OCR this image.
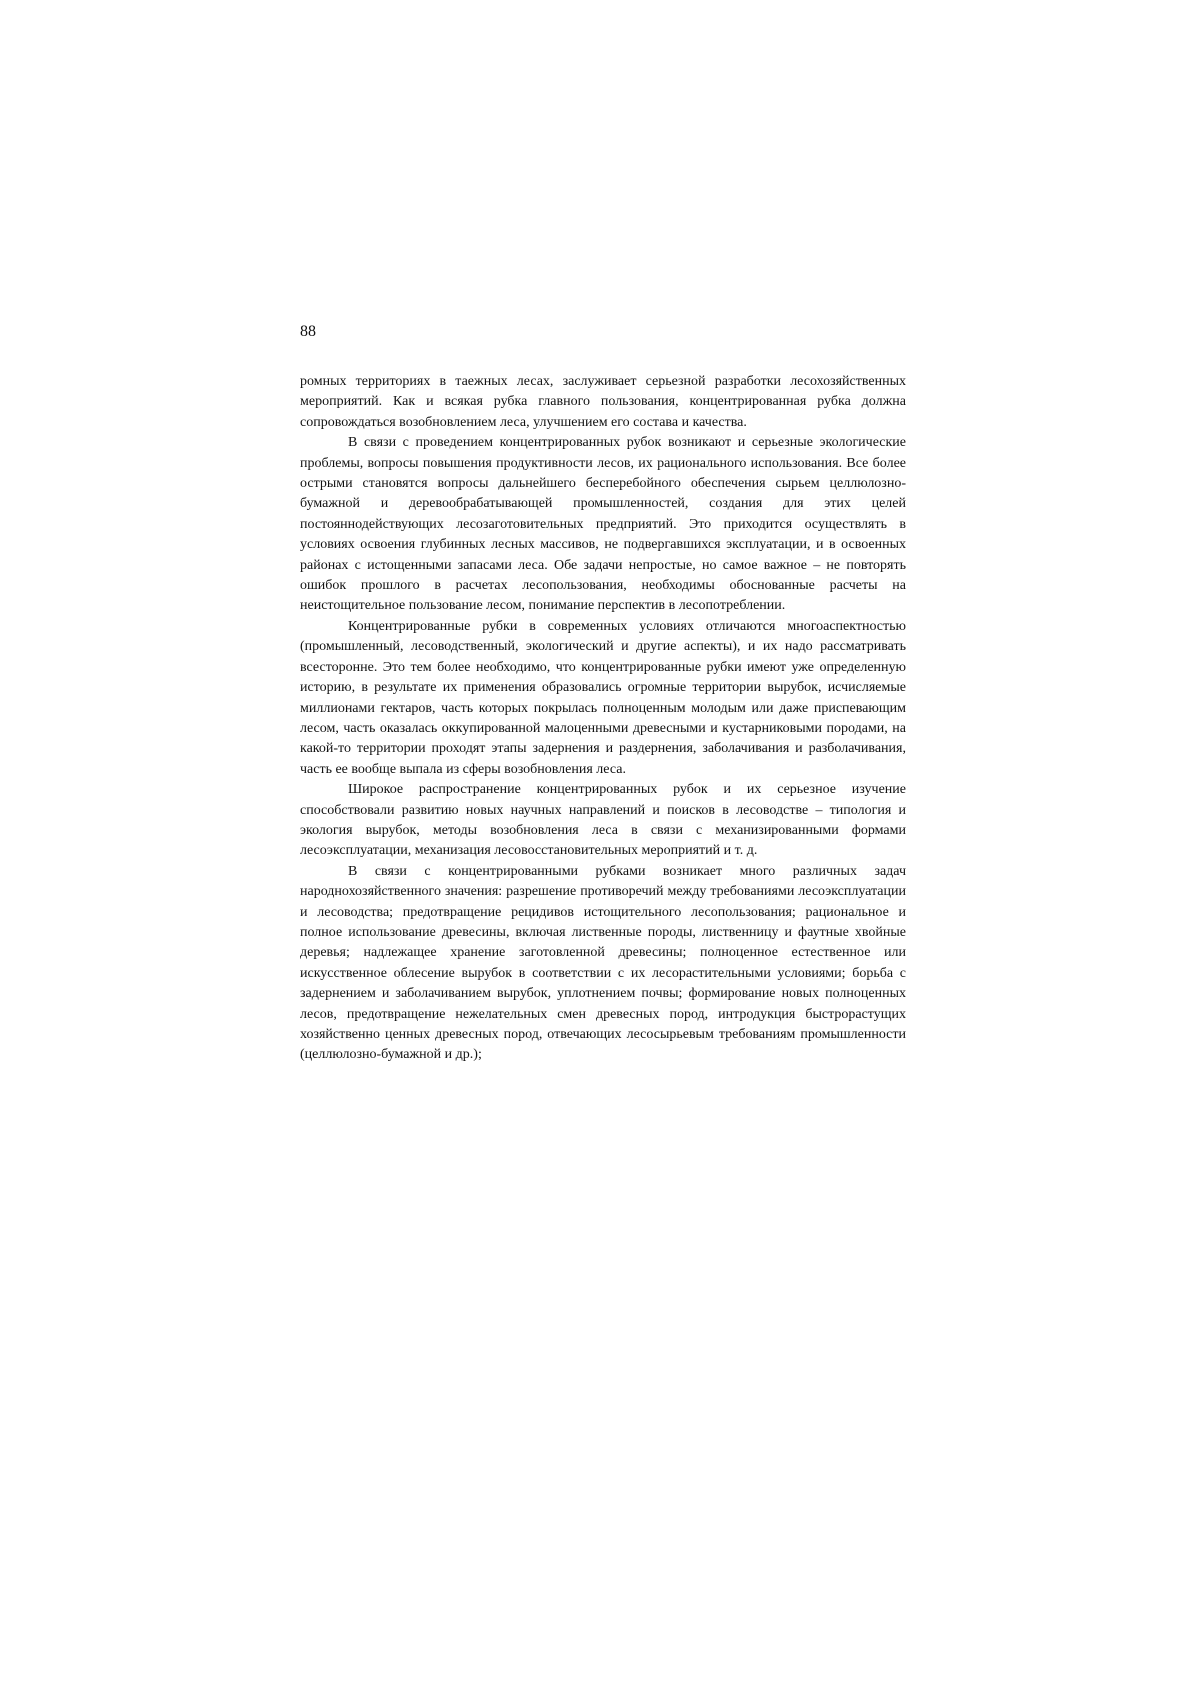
88

ромных территориях в таежных лесах, заслуживает серьезной разработки лесохозяйственных мероприятий. Как и всякая рубка главного пользования, концентрированная рубка должна сопровождаться возобновлением леса, улучшением его состава и качества.

В связи с проведением концентрированных рубок возникают и серьезные экологические проблемы, вопросы повышения продуктивности лесов, их рационального использования. Все более острыми становятся вопросы дальнейшего бесперебойного обеспечения сырьем целлюлозно-бумажной и деревообрабатывающей промышленностей, создания для этих целей постояннодействующих лесозаготовительных предприятий. Это приходится осуществлять в условиях освоения глубинных лесных массивов, не подвергавшихся эксплуатации, и в освоенных районах с истощенными запасами леса. Обе задачи непростые, но самое важное – не повторять ошибок прошлого в расчетах лесопользования, необходимы обоснованные расчеты на неистощительное пользование лесом, понимание перспектив в лесопотреблении.

Концентрированные рубки в современных условиях отличаются многоаспектностью (промышленный, лесоводственный, экологический и другие аспекты), и их надо рассматривать всесторонне. Это тем более необходимо, что концентрированные рубки имеют уже определенную историю, в результате их применения образовались огромные территории вырубок, исчисляемые миллионами гектаров, часть которых покрылась полноценным молодым или даже приспевающим лесом, часть оказалась оккупированной малоценными древесными и кустарниковыми породами, на какой-то территории проходят этапы задернения и раздернения, заболачивания и разболачивания, часть ее вообще выпала из сферы возобновления леса.

Широкое распространение концентрированных рубок и их серьезное изучение способствовали развитию новых научных направлений и поисков в лесоводстве – типология и экология вырубок, методы возобновления леса в связи с механизированными формами лесоэксплуатации, механизация лесовосстановительных мероприятий и т. д.

В связи с концентрированными рубками возникает много различных задач народнохозяйственного значения: разрешение противоречий между требованиями лесоэксплуатации и лесоводства; предотвращение рецидивов истощительного лесопользования; рациональное и полное использование древесины, включая лиственные породы, лиственницу и фаутные хвойные деревья; надлежащее хранение заготовленной древесины; полноценное естественное или искусственное облесение вырубок в соответствии с их лесорастительными условиями; борьба с задернением и заболачиванием вырубок, уплотнением почвы; формирование новых полноценных лесов, предотвращение нежелательных смен древесных пород, интродукция быстрорастущих хозяйственно ценных древесных пород, отвечающих лесосырьевым требованиям промышленности (целлюлозно-бумажной и др.);
